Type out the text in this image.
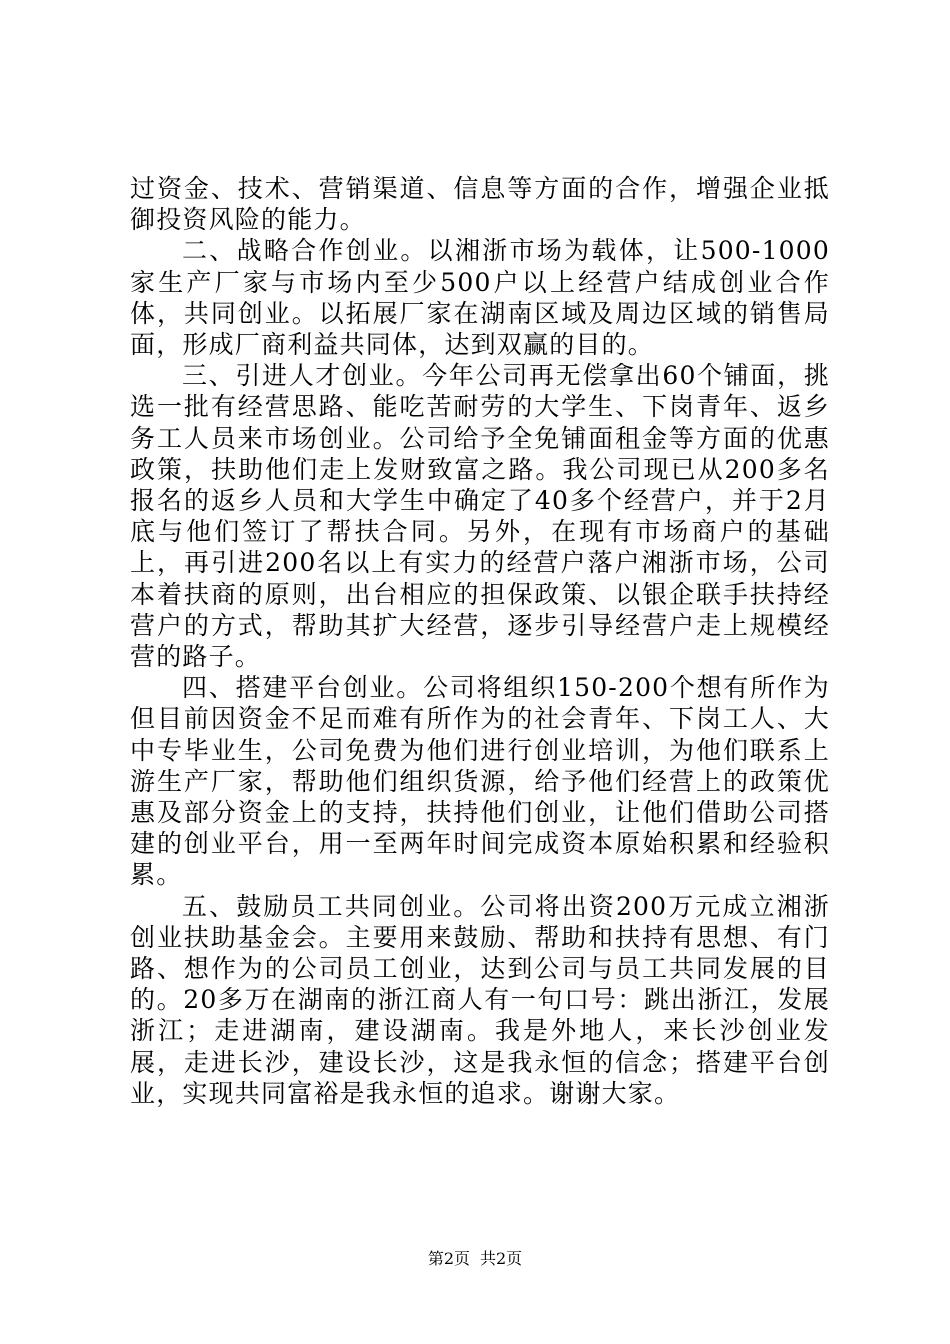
过资金、技术、营销渠道、信息等方面的合作，增强企业抵御投资风险的能力。

二、战略合作创业。以湘浙市场为载体，让500-1000家生产厂家与市场内至少500户以上经营户结成创业合作体，共同创业。以拓展厂家在湖南区域及周边区域的销售局面，形成厂商利益共同体，达到双赢的目的。

三、引进人才创业。今年公司再无偿拿出60个铺面，挑选一批有经营思路、能吃苦耐劳的大学生、下岗青年、返乡务工人员来市场创业。公司给予全免铺面租金等方面的优惠政策，扶助他们走上发财致富之路。我公司现已从200多名报名的返乡人员和大学生中确定了40多个经营户，并于2月底与他们签订了帮扶合同。另外，在现有市场商户的基础上，再引进200名以上有实力的经营户落户湘浙市场，公司本着扶商的原则，出台相应的担保政策、以银企联手扶持经营户的方式，帮助其扩大经营，逐步引导经营户走上规模经营的路子。

四、搭建平台创业。公司将组织150-200个想有所作为但目前因资金不足而难有所作为的社会青年、下岗工人、大中专毕业生，公司免费为他们进行创业培训，为他们联系上游生产厂家，帮助他们组织货源，给予他们经营上的政策优惠及部分资金上的支持，扶持他们创业，让他们借助公司搭建的创业平台，用一至两年时间完成资本原始积累和经验积累。

五、鼓励员工共同创业。公司将出资200万元成立湘浙创业扶助基金会。主要用来鼓励、帮助和扶持有思想、有门路、想作为的公司员工创业，达到公司与员工共同发展的目的。20多万在湖南的浙江商人有一句口号：跳出浙江，发展浙江；走进湖南，建设湖南。我是外地人，来长沙创业发展，走进长沙，建设长沙，这是我永恒的信念；搭建平台创业，实现共同富裕是我永恒的追求。谢谢大家。

第2页 共2页
